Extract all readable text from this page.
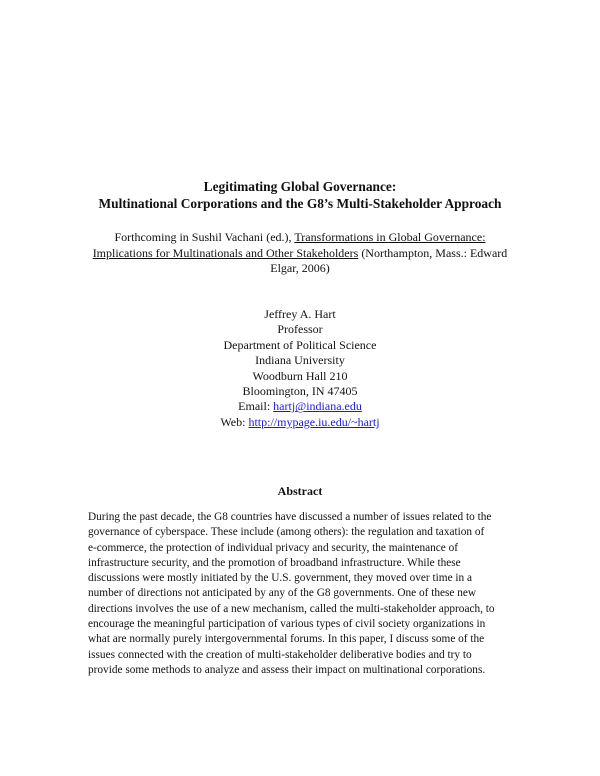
Legitimating Global Governance:
Multinational Corporations and the G8’s Multi-Stakeholder Approach
Forthcoming in Sushil Vachani (ed.), Transformations in Global Governance:
Implications for Multinationals and Other Stakeholders (Northampton, Mass.: Edward
Elgar, 2006)
Jeffrey A. Hart
Professor
Department of Political Science
Indiana University
Woodburn Hall 210
Bloomington, IN 47405
Email: hartj@indiana.edu
Web: http://mypage.iu.edu/~hartj
Abstract
During the past decade, the G8 countries have discussed a number of issues related to the
governance of cyberspace. These include (among others): the regulation and taxation of
e-commerce, the protection of individual privacy and security, the maintenance of
infrastructure security, and the promotion of broadband infrastructure. While these
discussions were mostly initiated by the U.S. government, they moved over time in a
number of directions not anticipated by any of the G8 governments. One of these new
directions involves the use of a new mechanism, called the multi-stakeholder approach, to
encourage the meaningful participation of various types of civil society organizations in
what are normally purely intergovernmental forums. In this paper, I discuss some of the
issues connected with the creation of multi-stakeholder deliberative bodies and try to
provide some methods to analyze and assess their impact on multinational corporations.
